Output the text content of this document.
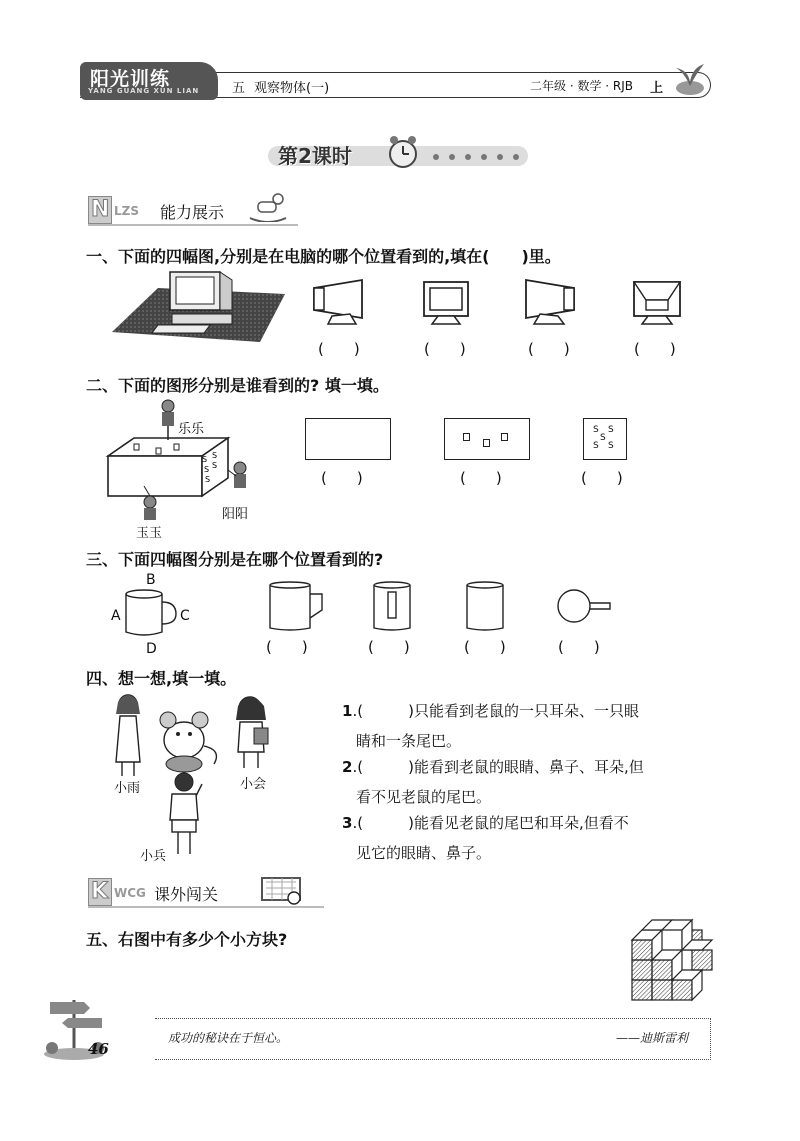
阳光训练
YANG GUANG XUN LIAN	五 观察物体(一)	二年级 · 数学 · RJB 上
第2课时
N LZS 能力展示
一、下面的四幅图,分别是在电脑的哪个位置看到的,填在(　　)里。
(　　)	(　　)	(　　)	(　　)
二、下面的图形分别是谁看到的? 填一填。
S S
S S
S
乐乐
阳阳
玉玉
S S
S
S S
(　　)	(　　)	(　　)
三、下面四幅图分别是在哪个位置看到的?
B
A	C
D	(　　)	(　　)	(　　)	(　　)
四、想一想,填一填。
小雨	小会
小兵
1.(　　　)只能看到老鼠的一只耳朵、一只眼
睛和一条尾巴。
2.(　　　)能看到老鼠的眼睛、鼻子、耳朵,但
看不见老鼠的尾巴。
3.(　　　)能看见老鼠的尾巴和耳朵,但看不
见它的眼睛、鼻子。
K WCG 课外闯关
五、右图中有多少个小方块?
46
成功的秘诀在于恒心。	——迪斯雷利
